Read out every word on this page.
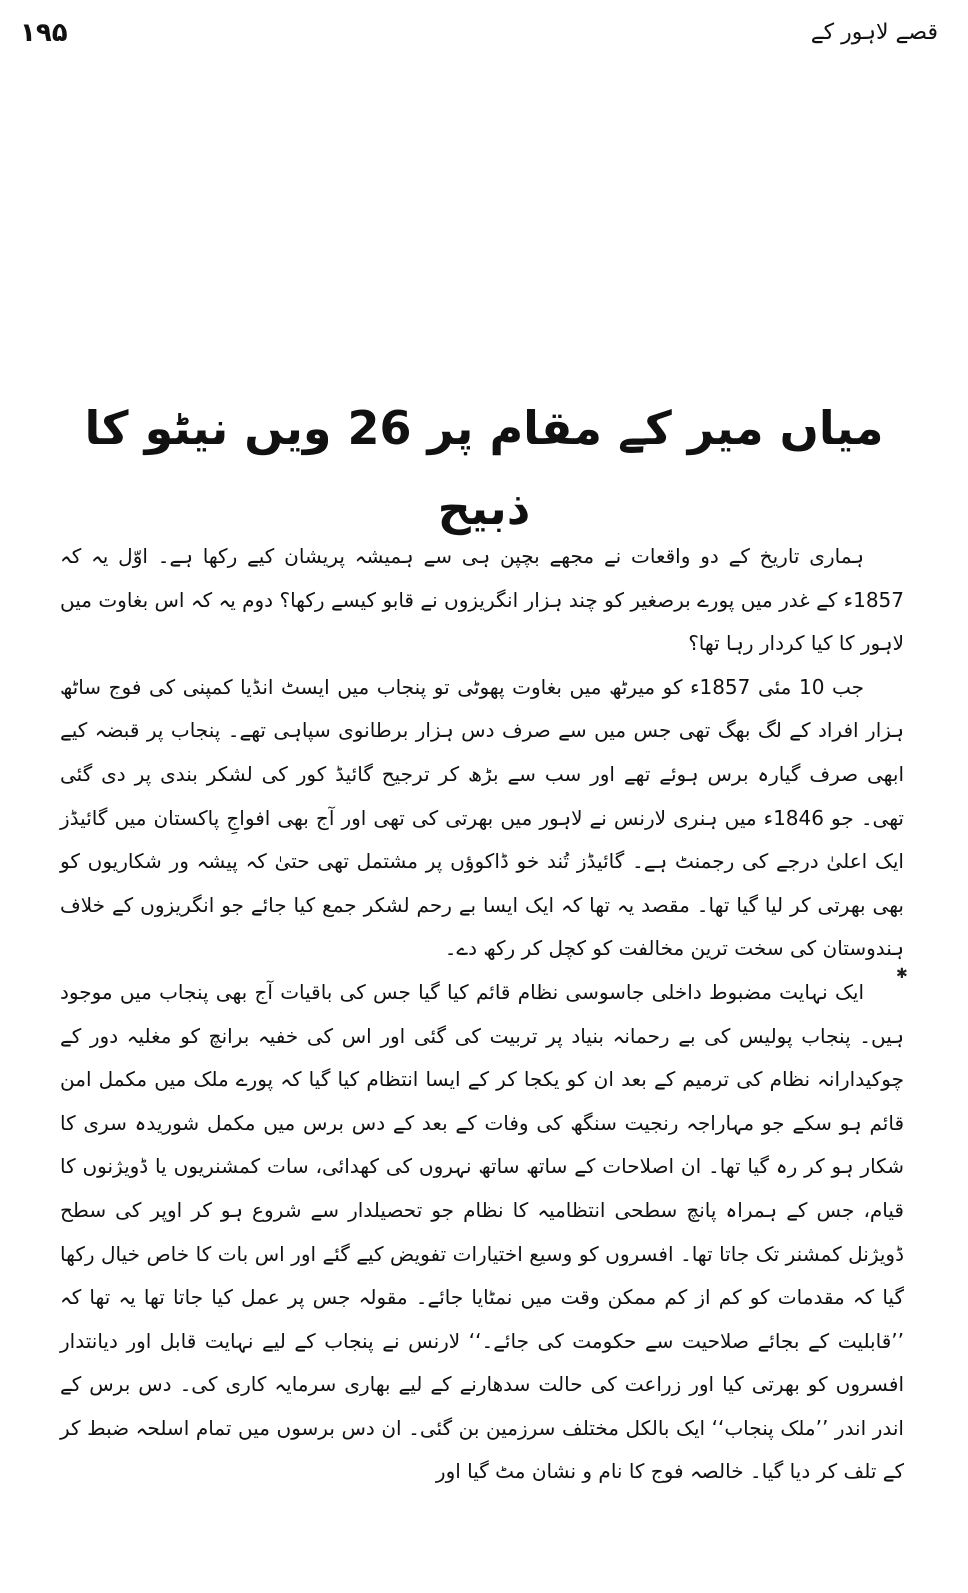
۱۹۵	قصے لاہور کے
میاں میر کے مقام پر 26 ویں نیٹو کا ذبیح

ہماری تاریخ کے دو واقعات نے مجھے بچپن ہی سے ہمیشہ پریشان کیے رکھا ہے۔ اوّل یہ کہ 1857ء کے غدر میں پورے برصغیر کو چند ہزار انگریزوں نے قابو کیسے رکھا؟ دوم یہ کہ اس بغاوت میں لاہور کا کیا کردار رہا تھا؟

جب 10 مئی 1857ء کو میرٹھ میں بغاوت پھوٹی تو پنجاب میں ایسٹ انڈیا کمپنی کی فوج ساٹھ ہزار افراد کے لگ بھگ تھی جس میں سے صرف دس ہزار برطانوی سپاہی تھے۔ پنجاب پر قبضہ کیے ابھی صرف گیارہ برس ہوئے تھے اور سب سے بڑھ کر ترجیح گائیڈ کور کی لشکر بندی پر دی گئی تھی۔ جو 1846ء میں ہنری لارنس نے لاہور میں بھرتی کی تھی اور آج بھی افواجِ پاکستان میں گائیڈز ایک اعلیٰ درجے کی رجمنٹ ہے۔ گائیڈز تُند خو ڈاکوؤں پر مشتمل تھی حتیٰ کہ پیشہ ور شکاریوں کو بھی بھرتی کر لیا گیا تھا۔ مقصد یہ تھا کہ ایک ایسا بے رحم لشکر جمع کیا جائے جو انگریزوں کے خلاف ہندوستان کی سخت ترین مخالفت کو کچل کر رکھ دے۔

ایک نہایت مضبوط داخلی جاسوسی نظام قائم کیا گیا جس کی باقیات آج بھی پنجاب میں موجود ہیں۔ پنجاب پولیس کی بے رحمانہ بنیاد پر تربیت کی گئی اور اس کی خفیہ برانچ کو مغلیہ دور کے چوکیدارانہ نظام کی ترمیم کے بعد ان کو یکجا کر کے ایسا انتظام کیا گیا کہ پورے ملک میں مکمل امن قائم ہو سکے جو مہاراجہ رنجیت سنگھ کی وفات کے بعد کے دس برس میں مکمل شوریدہ سری کا شکار ہو کر رہ گیا تھا۔ ان اصلاحات کے ساتھ ساتھ نہروں کی کھدائی، سات کمشنریوں یا ڈویژنوں کا قیام، جس کے ہمراہ پانچ سطحی انتظامیہ کا نظام جو تحصیلدار سے شروع ہو کر اوپر کی سطح ڈویژنل کمشنر تک جاتا تھا۔ افسروں کو وسیع اختیارات تفویض کیے گئے اور اس بات کا خاص خیال رکھا گیا کہ مقدمات کو کم از کم ممکن وقت میں نمٹایا جائے۔ مقولہ جس پر عمل کیا جاتا تھا یہ تھا کہ ’’قابلیت کے بجائے صلاحیت سے حکومت کی جائے۔‘‘ لارنس نے پنجاب کے لیے نہایت قابل اور دیانتدار افسروں کو بھرتی کیا اور زراعت کی حالت سدھارنے کے لیے بھاری سرمایہ کاری کی۔ دس برس کے اندر اندر ’’ملک پنجاب‘‘ ایک بالکل مختلف سرزمین بن گئی۔ ان دس برسوں میں تمام اسلحہ ضبط کر کے تلف کر دیا گیا۔ خالصہ فوج کا نام و نشان مٹ گیا اور

✱
